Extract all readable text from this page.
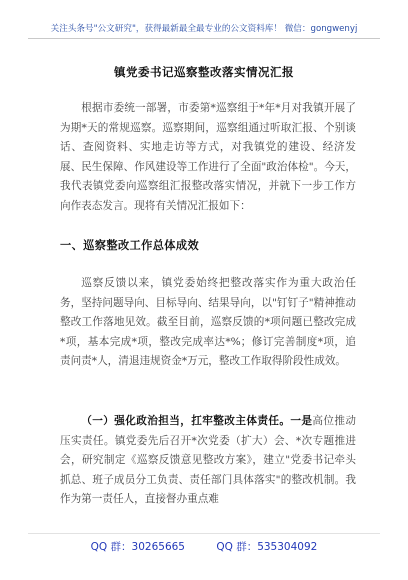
关注头条号"公文研究"，获得最新最全最专业的公文资料库！ 微信：gongwenyj
镇党委书记巡察整改落实情况汇报
根据市委统一部署，市委第*巡察组于*年*月对我镇开展了为期*天的常规巡察。巡察期间，巡察组通过听取汇报、个别谈话、查阅资料、实地走访等方式，对我镇党的建设、经济发展、民生保障、作风建设等工作进行了全面"政治体检"。今天，我代表镇党委向巡察组汇报整改落实情况，并就下一步工作方向作表态发言。现将有关情况汇报如下：
一、巡察整改工作总体成效
巡察反馈以来，镇党委始终把整改落实作为重大政治任务，坚持问题导向、目标导向、结果导向，以"钉钉子"精神推动整改工作落地见效。截至目前，巡察反馈的*项问题已整改完成*项，基本完成*项，整改完成率达*%；修订完善制度*项，追责问责*人，清退违规资金*万元，整改工作取得阶段性成效。
（一）强化政治担当，扛牢整改主体责任。一是高位推动压实责任。镇党委先后召开*次党委（扩大）会、*次专题推进会，研究制定《巡察反馈意见整改方案》，建立"党委书记牵头抓总、班子成员分工负责、责任部门具体落实"的整改机制。我作为第一责任人，直接督办重点难
QQ 群：30265665	QQ 群：535304092
